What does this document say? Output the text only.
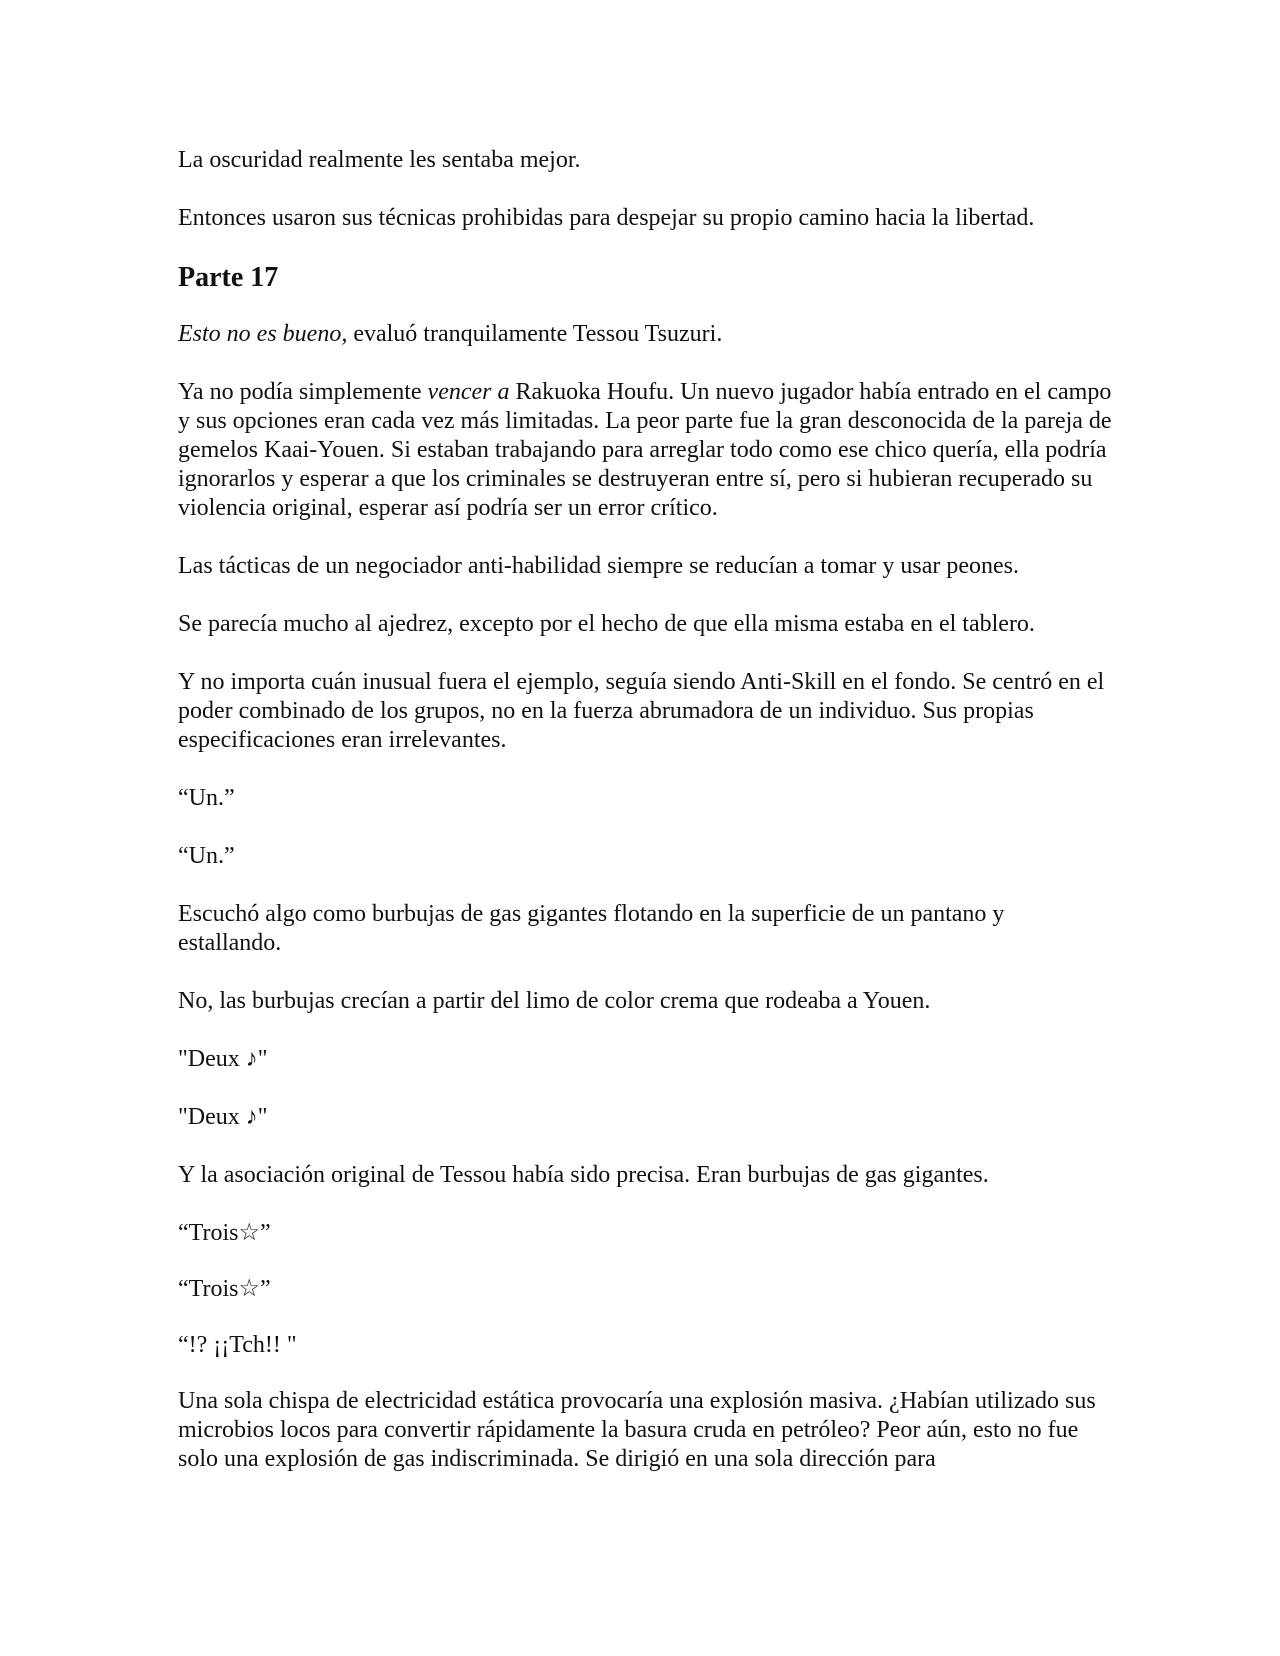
La oscuridad realmente les sentaba mejor.

Entonces usaron sus técnicas prohibidas para despejar su propio camino hacia la libertad.

Parte 17

Esto no es bueno, evaluó tranquilamente Tessou Tsuzuri.

Ya no podía simplemente vencer a Rakuoka Houfu. Un nuevo jugador había entrado en el campo y sus opciones eran cada vez más limitadas. La peor parte fue la gran desconocida de la pareja de gemelos Kaai-Youen. Si estaban trabajando para arreglar todo como ese chico quería, ella podría ignorarlos y esperar a que los criminales se destruyeran entre sí, pero si hubieran recuperado su violencia original, esperar así podría ser un error crítico.

Las tácticas de un negociador anti-habilidad siempre se reducían a tomar y usar peones.

Se parecía mucho al ajedrez, excepto por el hecho de que ella misma estaba en el tablero.

Y no importa cuán inusual fuera el ejemplo, seguía siendo Anti-Skill en el fondo. Se centró en el poder combinado de los grupos, no en la fuerza abrumadora de un individuo. Sus propias especificaciones eran irrelevantes.

“Un.”

“Un.”

Escuchó algo como burbujas de gas gigantes flotando en la superficie de un pantano y estallando.

No, las burbujas crecían a partir del limo de color crema que rodeaba a Youen.

"Deux ♪"

"Deux ♪"

Y la asociación original de Tessou había sido precisa. Eran burbujas de gas gigantes.

“Trois☆”

“Trois☆”

“!? ¡¡Tch!! "

Una sola chispa de electricidad estática provocaría una explosión masiva. ¿Habían utilizado sus microbios locos para convertir rápidamente la basura cruda en petróleo? Peor aún, esto no fue solo una explosión de gas indiscriminada. Se dirigió en una sola dirección para
